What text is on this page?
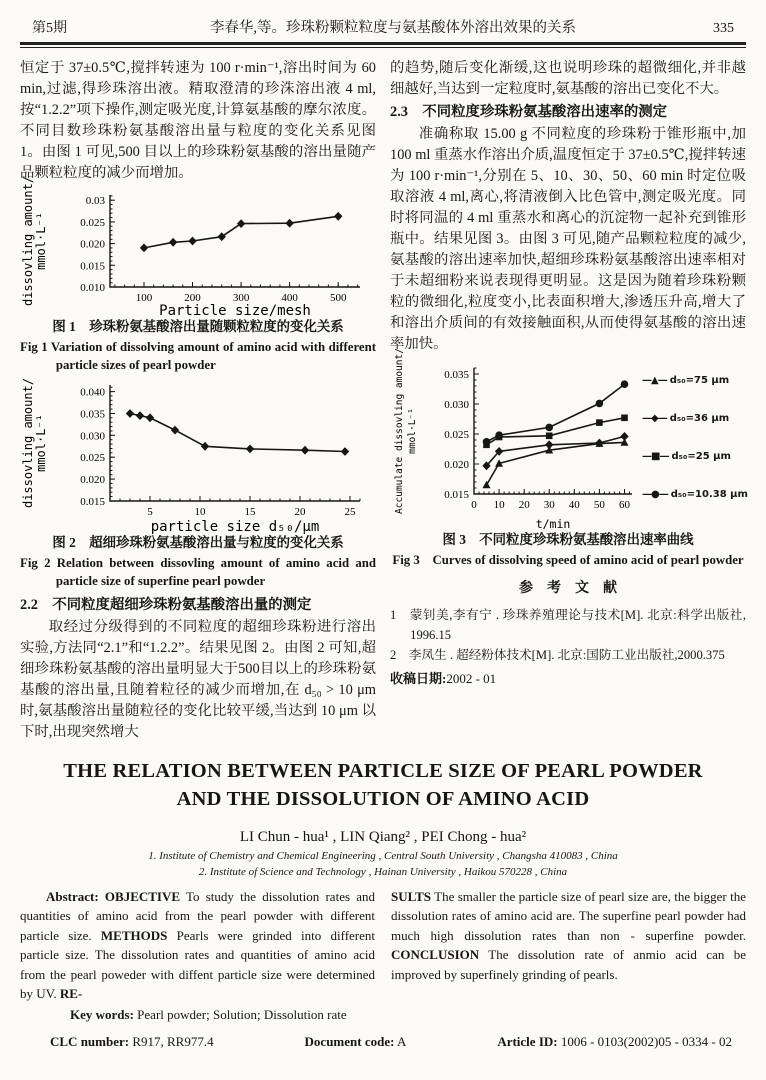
第5期	李春华,等。珍珠粉颗粒粒度与氨基酸体外溶出效果的关系	335

恒定于 37±0.5℃,搅拌转速为 100 r·min⁻¹,溶出时间为 60 min,过滤,得珍珠溶出液。精取澄清的珍洙溶出液 4 ml,按“1.2.2”项下操作,测定吸光度,计算氨基酸的摩尔浓度。不同目数珍珠粉氨基酸溶出量与粒度的变化关系见图 1。由图 1 可见,500 目以上的珍珠粉氨基酸的溶出量随产品颗粒粒度的减少而增加。

100	200	300	400	500
0.010
0.015
0.020
0.025
0.03
Particle size/mesh
dissovling amount/ mmol·L⁻¹
图 1　珍珠粉氨基酸溶出量随颗粒粒度的变化关系
Fig 1 Variation of dissolving amount of amino acid with different particle sizes of pearl powder
5	10	15	20	25
0.015
0.020
0.025
0.030
0.035
0.040
particle size d₅₀/μm
dissovling amount/ mmol·L⁻¹
图 2　超细珍珠粉氨基酸溶出量与粒度的变化关系
Fig 2 Relation between dissovling amount of amino acid and particle size of superfine pearl powder
2.2　不同粒度超细珍珠粉氨基酸溶出量的测定

取经过分级得到的不同粒度的超细珍珠粉进行溶出实验,方法同“2.1”和“1.2.2”。结果见图 2。由图 2 可知,超细珍珠粉氨基酸的溶出量明显大于500目以上的珍珠粉氨基酸的溶出量,且随着粒径的减少而增加,在 d₅₀ > 10 μm 时,氨基酸溶出量随粒径的变化比较平缓,当达到 10 μm 以下时,出现突然增大

的趋势,随后变化渐缓,这也说明珍珠的超微细化,并非越细越好,当达到一定粒度时,氨基酸的溶出已变化不大。

2.3　不同粒度珍珠粉氨基酸溶出速率的测定

准确称取 15.00 g 不同粒度的珍珠粉于锥形瓶中,加 100 ml 重蒸水作溶出介质,温度恒定于 37±0.5℃,搅拌转速为 100 r·min⁻¹,分别在 5、10、30、50、60 min 时定位吸取溶液 4 ml,离心,将清液倒入比色管中,测定吸光度。同时将同温的 4 ml 重蒸水和离心的沉淀物一起补充到锥形瓶中。结果见图 3。由图 3 可见,随产品颗粒粒度的减少,氨基酸的溶出速率加快,超细珍珠粉氨基酸溶出速率相对于未超细粉来说表现得更明显。这是因为随着珍珠粉颗粒的微细化,粒度变小,比表面积增大,渗透压升高,增大了和溶出介质间的有效接触面积,从而使得氨基酸的溶出速率加快。

0 10 20 30 40 50 60
0.015
0.020
0.025
0.030
0.035
t/min
Accumulate dissovling amount/ mmol·L⁻¹
—▲— d₅₀=75 μm
—◆— d₅₀=36 μm
—■— d₅₀=25 μm
—●— d₅₀=10.38 μm
图 3　不同粒度珍珠粉氨基酸溶出速率曲线
Fig 3　Curves of dissolving speed of amino acid of pearl powder
参　考　文　献
1　蒙钊美,李有宁 . 珍珠养殖理论与技术[M]. 北京:科学出版社, 1996.15
2　李凤生 . 超经粉体技术[M]. 北京:国防工业出版社,2000.375
收稿日期:2002 - 01
THE RELATION BETWEEN PARTICLE SIZE OF PEARL POWDER
AND THE DISSOLUTION OF AMINO ACID
LI Chun - hua¹ , LIN Qiang² , PEI Chong - hua²
1. Institute of Chemistry and Chemical Engineering , Central South University , Changsha 410083 , China
2. Institute of Science and Technology , Hainan University , Haikou 570228 , China
Abstract: OBJECTIVE To study the dissolution rates and quantities of amino acid from the pearl powder with different particle size. METHODS Pearls were grinded into different particle size. The dissolution rates and quantities of amino acid from the pearl poweder with diffent particle size were determined by UV. RE-
SULTS The smaller the particle size of pearl size are, the bigger the dissolution rates of amino acid are. The superfine pearl powder had much high dissolution rates than non - superfine powder. CONCLUSION The dissolution rate of anmio acid can be improved by superfinely grinding of pearls.
Key words: Pearl powder; Solution; Dissolution rate
CLC number: R917, RR977.4	Document code: A	Article ID: 1006 - 0103(2002)05 - 0334 - 02
